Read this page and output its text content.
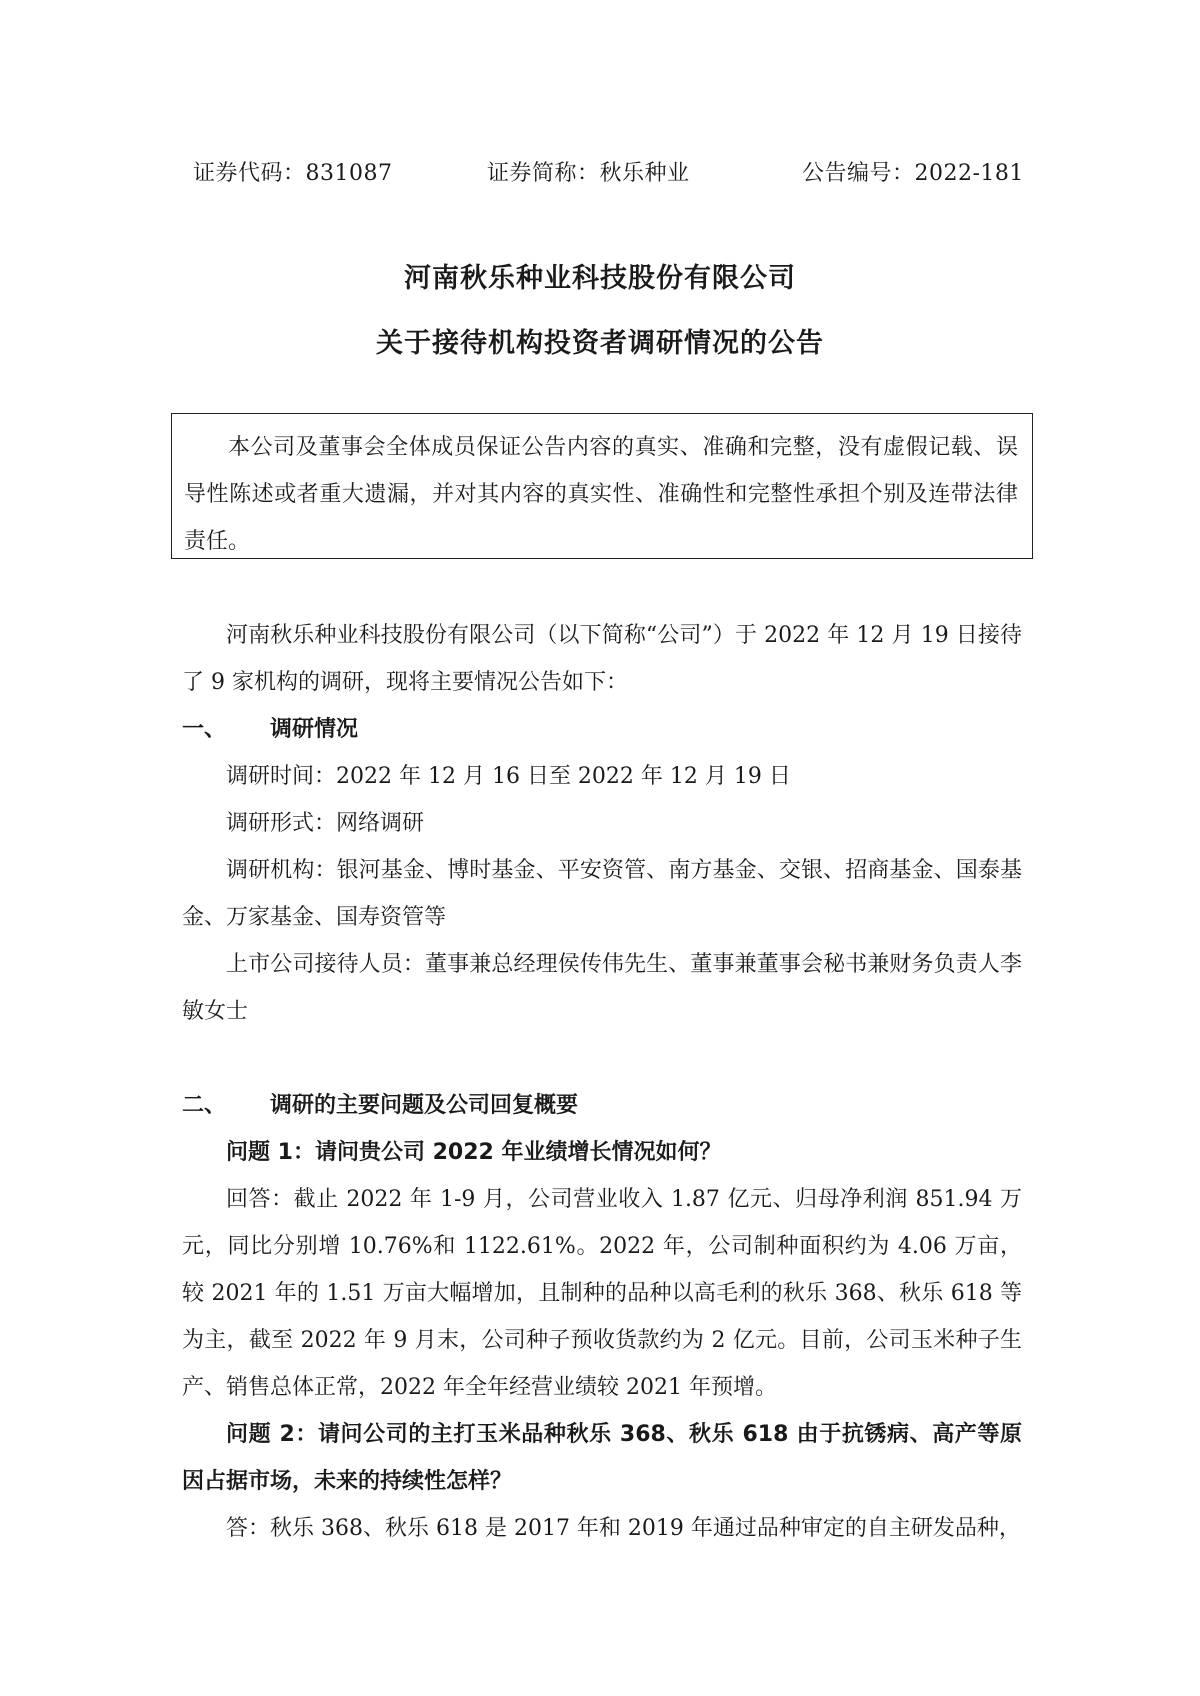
证券代码：831087	证券简称：秋乐种业	公告编号：2022-181
河南秋乐种业科技股份有限公司
关于接待机构投资者调研情况的公告
本公司及董事会全体成员保证公告内容的真实、准确和完整，没有虚假记载、误导性陈述或者重大遗漏，并对其内容的真实性、准确性和完整性承担个别及连带法律责任。

河南秋乐种业科技股份有限公司（以下简称“公司”）于 2022 年 12 月 19 日接待了 9 家机构的调研，现将主要情况公告如下：

一、 调研情况

调研时间：2022 年 12 月 16 日至 2022 年 12 月 19 日

调研形式：网络调研

调研机构：银河基金、博时基金、平安资管、南方基金、交银、招商基金、国泰基金、万家基金、国寿资管等

上市公司接待人员：董事兼总经理侯传伟先生、董事兼董事会秘书兼财务负责人李敏女士

二、 调研的主要问题及公司回复概要

问题 1：请问贵公司 2022 年业绩增长情况如何？

回答：截止 2022 年 1-9 月，公司营业收入 1.87 亿元、归母净利润 851.94 万元，同比分别增 10.76%和 1122.61%。2022 年，公司制种面积约为 4.06 万亩，较 2021 年的 1.51 万亩大幅增加，且制种的品种以高毛利的秋乐 368、秋乐 618 等为主，截至 2022 年 9 月末，公司种子预收货款约为 2 亿元。目前，公司玉米种子生产、销售总体正常，2022 年全年经营业绩较 2021 年预增。

问题 2：请问公司的主打玉米品种秋乐 368、秋乐 618 由于抗锈病、高产等原因占据市场，未来的持续性怎样？

答：秋乐 368、秋乐 618 是 2017 年和 2019 年通过品种审定的自主研发品种，
